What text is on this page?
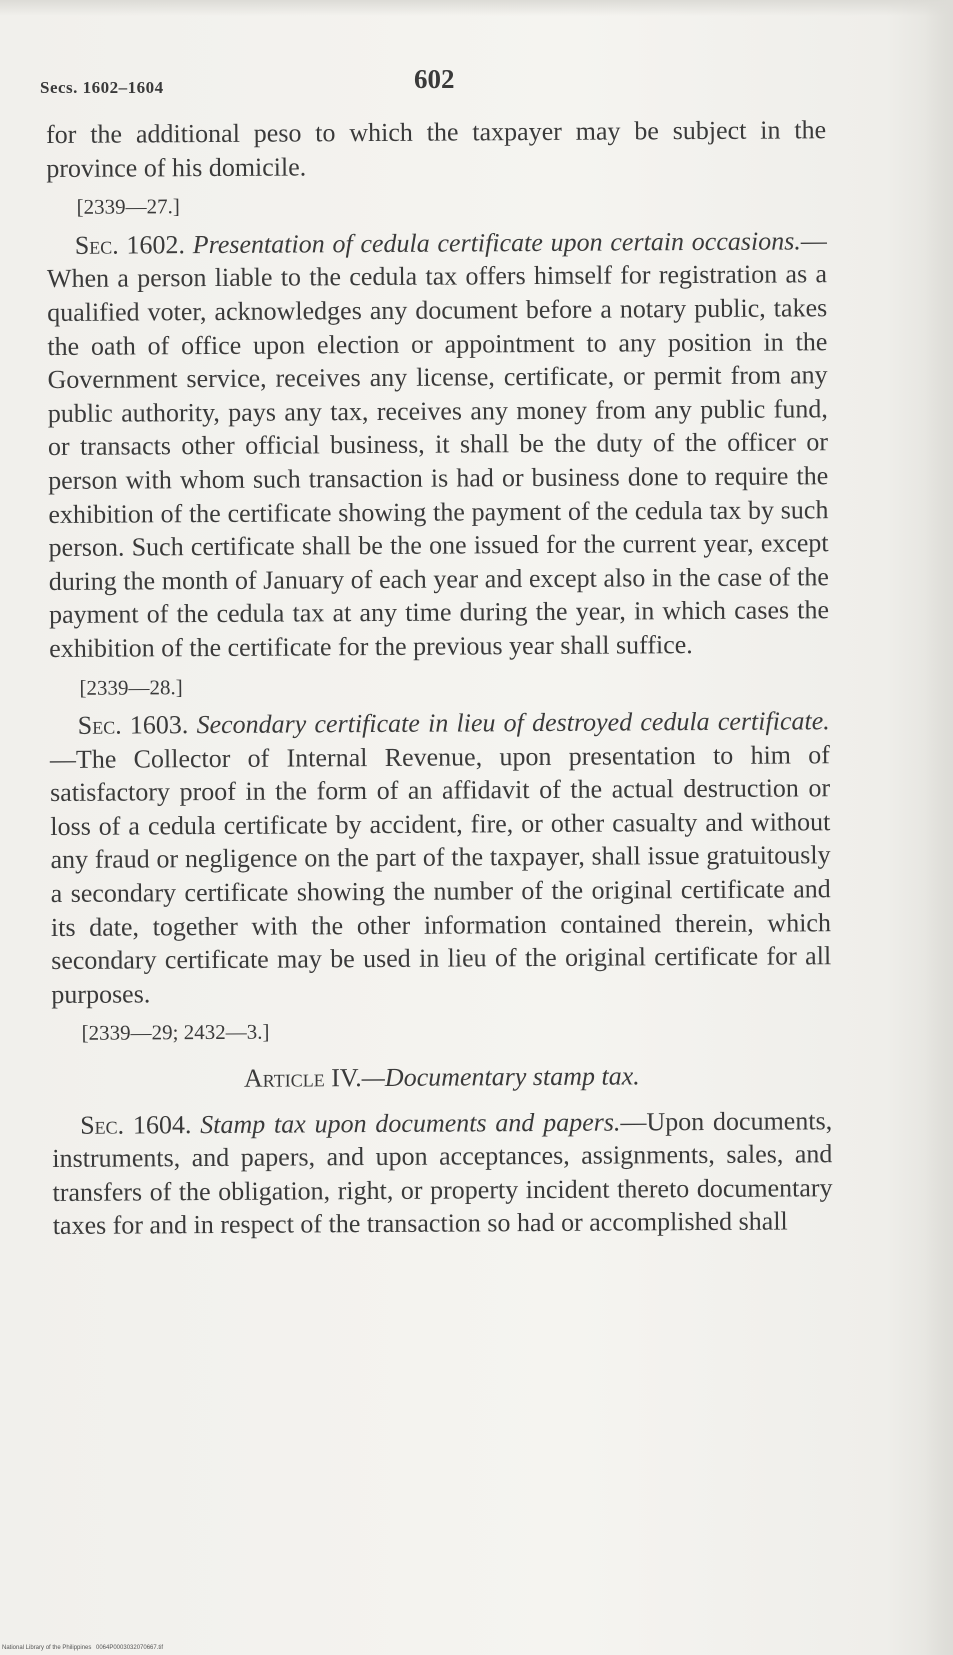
Secs. 1602–1604	602

for the additional peso to which the taxpayer may be subject in the province of his domicile.

[2339—27.]

Sec. 1602. Presentation of cedula certificate upon certain occasions.—When a person liable to the cedula tax offers himself for registration as a qualified voter, acknowledges any document before a notary public, takes the oath of office upon election or appointment to any position in the Government service, receives any license, certificate, or permit from any public authority, pays any tax, receives any money from any public fund, or transacts other official business, it shall be the duty of the officer or person with whom such transaction is had or business done to require the exhibition of the certificate showing the payment of the cedula tax by such person. Such certificate shall be the one issued for the current year, except during the month of January of each year and except also in the case of the payment of the cedula tax at any time during the year, in which cases the exhibition of the certificate for the previous year shall suffice.

[2339—28.]

Sec. 1603. Secondary certificate in lieu of destroyed cedula certificate.—The Collector of Internal Revenue, upon presentation to him of satisfactory proof in the form of an affidavit of the actual destruction or loss of a cedula certificate by accident, fire, or other casualty and without any fraud or negligence on the part of the taxpayer, shall issue gratuitously a secondary certificate showing the number of the original certificate and its date, together with the other information contained therein, which secondary certificate may be used in lieu of the original certificate for all purposes.

[2339—29; 2432—3.]

Article IV.—Documentary stamp tax.

Sec. 1604. Stamp tax upon documents and papers.—Upon documents, instruments, and papers, and upon acceptances, assignments, sales, and transfers of the obligation, right, or property incident thereto documentary taxes for and in respect of the transaction so had or accomplished shall

National Library of the Philippines 0064P0003032070667.tif
